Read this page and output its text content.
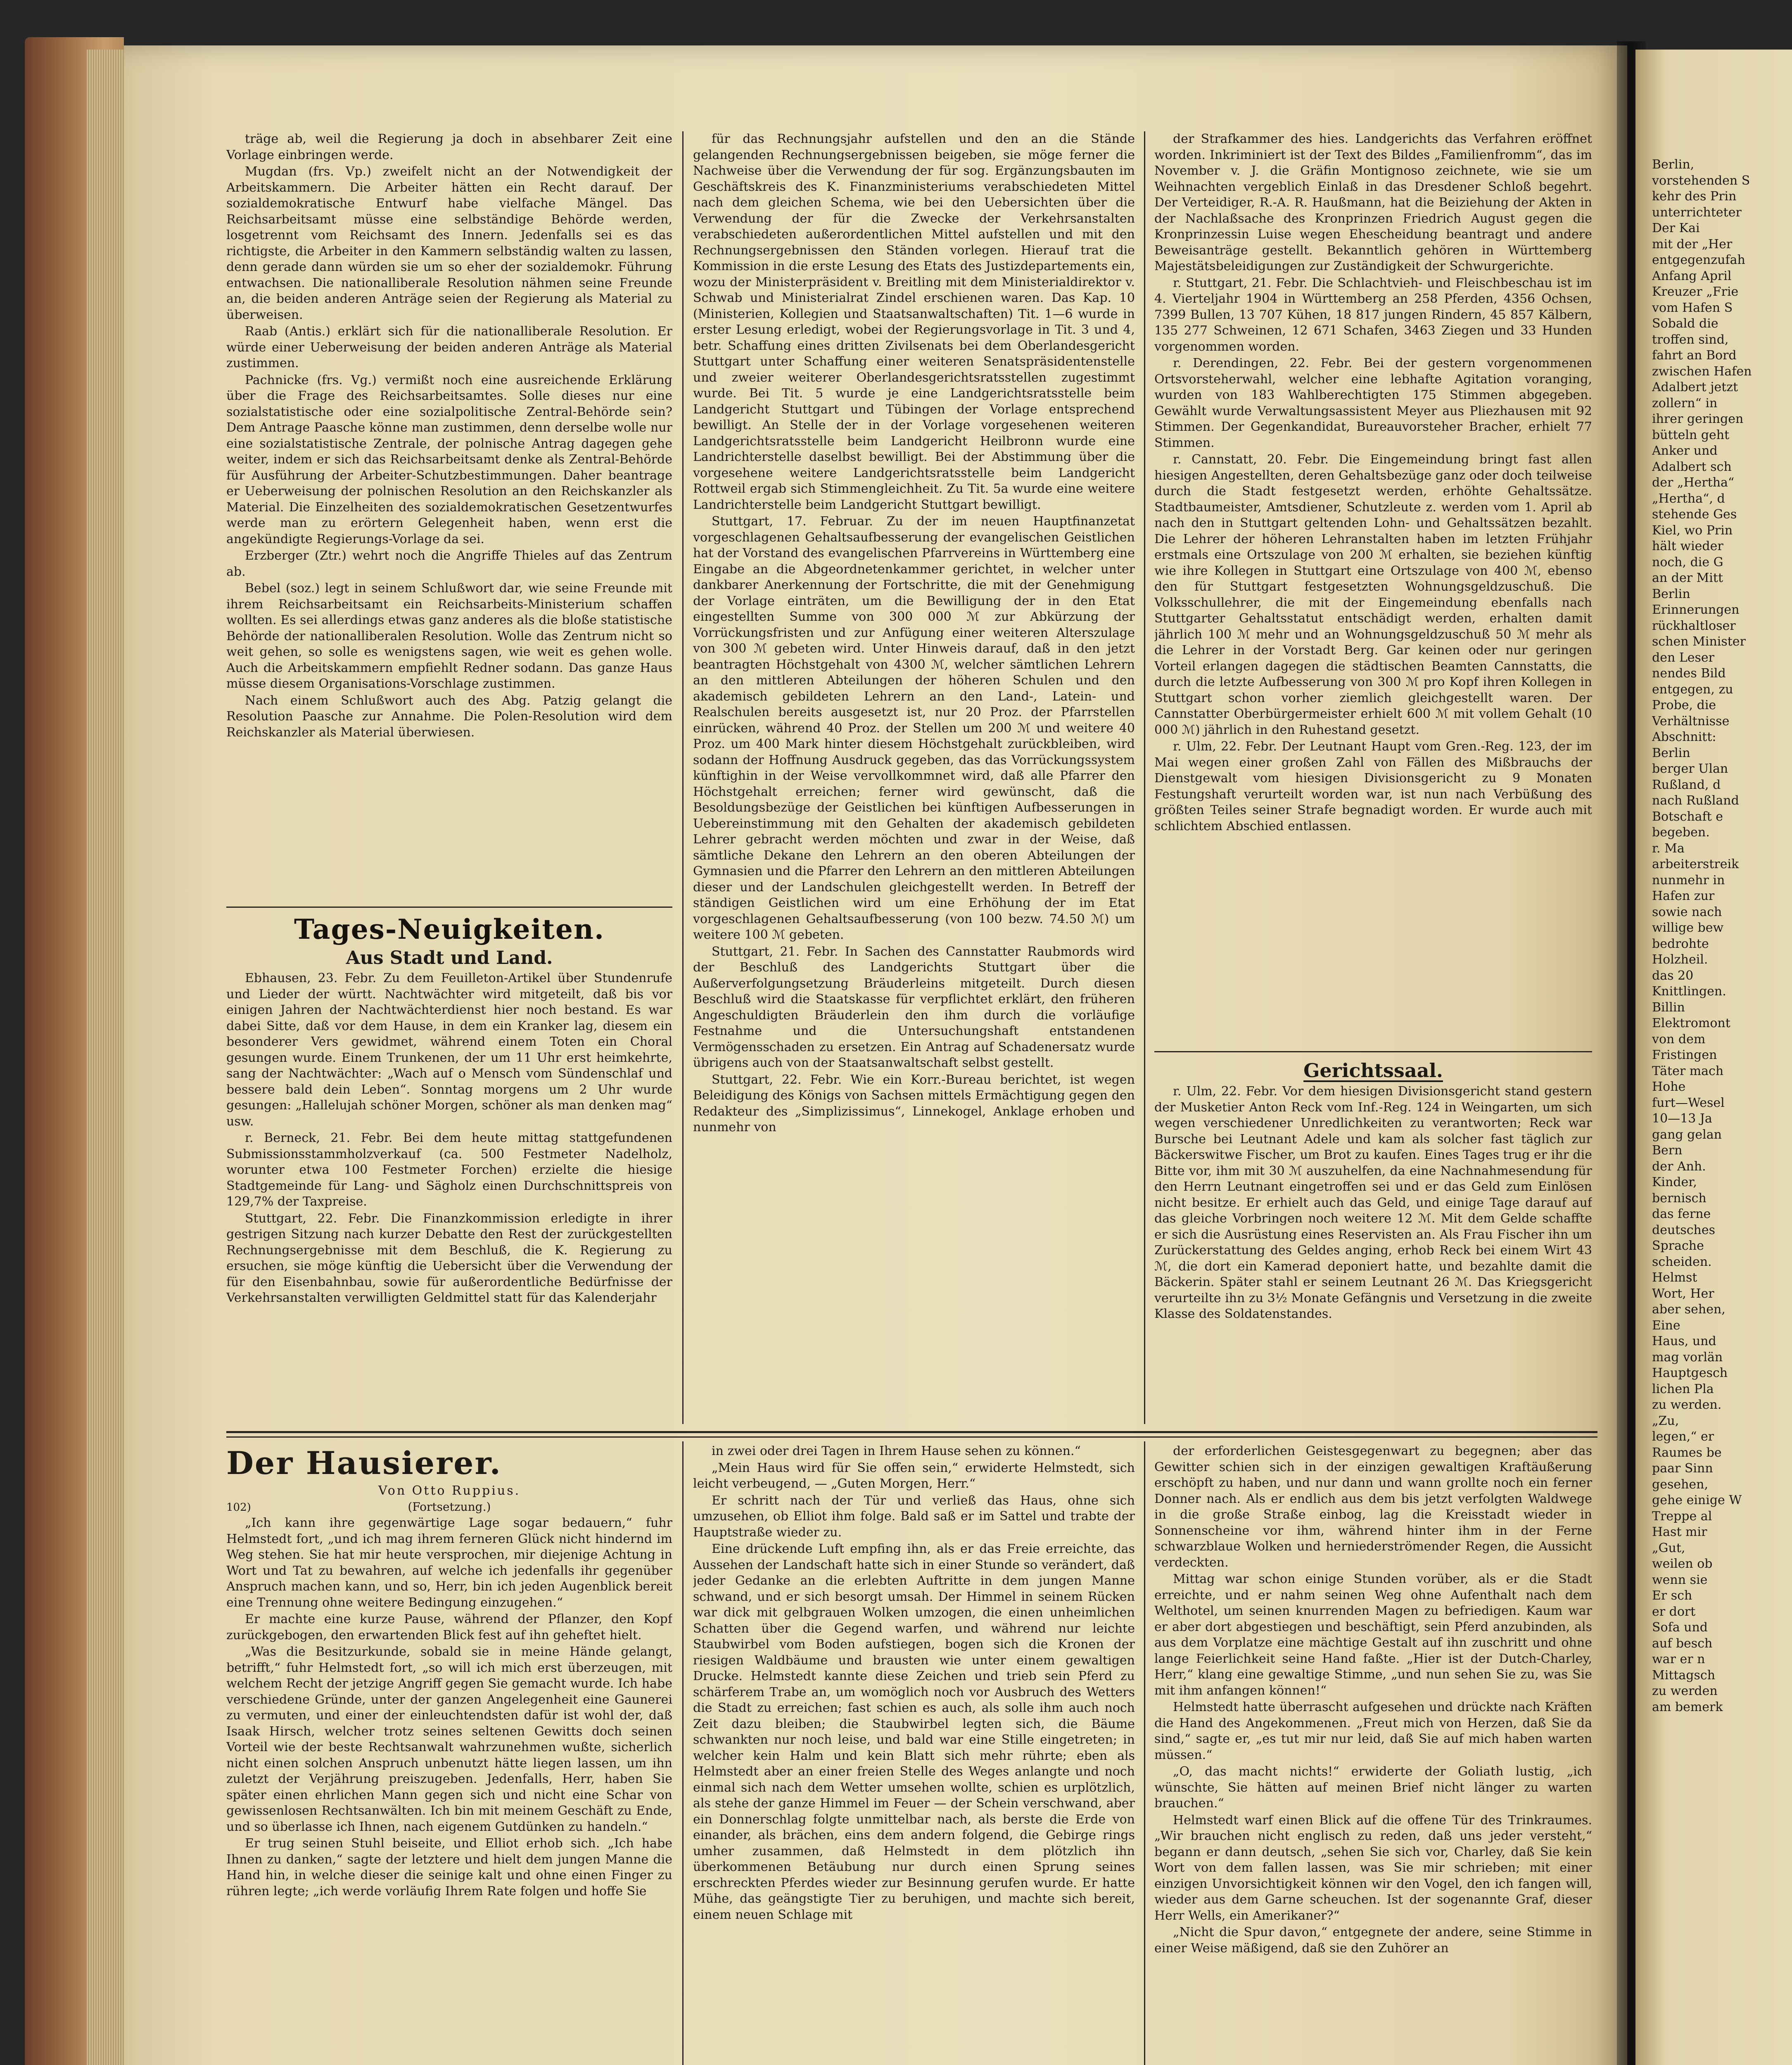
träge ab, weil die Regierung ja doch in absehbarer Zeit eine Vorlage einbringen werde.

Mugdan (frs. Vp.) zweifelt nicht an der Notwendigkeit der Arbeitskammern. Die Arbeiter hätten ein Recht darauf. Der sozialdemokratische Entwurf habe vielfache Mängel. Das Reichsarbeitsamt müsse eine selbständige Behörde werden, losgetrennt vom Reichsamt des Innern. Jedenfalls sei es das richtigste, die Arbeiter in den Kammern selbständig walten zu lassen, denn gerade dann würden sie um so eher der sozialdemokr. Führung entwachsen. Die nationalliberale Resolution nähmen seine Freunde an, die beiden anderen Anträge seien der Regierung als Material zu überweisen.

Raab (Antis.) erklärt sich für die nationalliberale Resolution. Er würde einer Ueberweisung der beiden anderen Anträge als Material zustimmen.

Pachnicke (frs. Vg.) vermißt noch eine ausreichende Erklärung über die Frage des Reichsarbeitsamtes. Solle dieses nur eine sozialstatistische oder eine sozialpolitische Zentral-Behörde sein? Dem Antrage Paasche könne man zustimmen, denn derselbe wolle nur eine sozialstatistische Zentrale, der polnische Antrag dagegen gehe weiter, indem er sich das Reichsarbeitsamt denke als Zentral-Behörde für Ausführung der Arbeiter-Schutzbestimmungen. Daher beantrage er Ueberweisung der polnischen Resolution an den Reichskanzler als Material. Die Einzelheiten des sozialdemokratischen Gesetzentwurfes werde man zu erörtern Gelegenheit haben, wenn erst die angekündigte Regierungs-Vorlage da sei.

Erzberger (Ztr.) wehrt noch die Angriffe Thieles auf das Zentrum ab.

Bebel (soz.) legt in seinem Schlußwort dar, wie seine Freunde mit ihrem Reichsarbeitsamt ein Reichsarbeits-Ministerium schaffen wollten. Es sei allerdings etwas ganz anderes als die bloße statistische Behörde der nationalliberalen Resolution. Wolle das Zentrum nicht so weit gehen, so solle es wenigstens sagen, wie weit es gehen wolle. Auch die Arbeitskammern empfiehlt Redner sodann. Das ganze Haus müsse diesem Organisations-Vorschlage zustimmen.

Nach einem Schlußwort auch des Abg. Patzig gelangt die Resolution Paasche zur Annahme. Die Polen-Resolution wird dem Reichskanzler als Material überwiesen.

Tages-Neuigkeiten.
Aus Stadt und Land.

Ebhausen, 23. Febr. Zu dem Feuilleton-Artikel über Stundenrufe und Lieder der württ. Nachtwächter wird mitgeteilt, daß bis vor einigen Jahren der Nachtwächterdienst hier noch bestand. Es war dabei Sitte, daß vor dem Hause, in dem ein Kranker lag, diesem ein besonderer Vers gewidmet, während einem Toten ein Choral gesungen wurde. Einem Trunkenen, der um 11 Uhr erst heimkehrte, sang der Nachtwächter: „Wach auf o Mensch vom Sündenschlaf und bessere bald dein Leben“. Sonntag morgens um 2 Uhr wurde gesungen: „Hallelujah schöner Morgen, schöner als man denken mag“ usw.

r. Berneck, 21. Febr. Bei dem heute mittag stattgefundenen Submissionsstammholzverkauf (ca. 500 Festmeter Nadelholz, worunter etwa 100 Festmeter Forchen) erzielte die hiesige Stadtgemeinde für Lang- und Sägholz einen Durchschnittspreis von 129,7% der Taxpreise.

Stuttgart, 22. Febr. Die Finanzkommission erledigte in ihrer gestrigen Sitzung nach kurzer Debatte den Rest der zurückgestellten Rechnungsergebnisse mit dem Beschluß, die K. Regierung zu ersuchen, sie möge künftig die Uebersicht über die Verwendung der für den Eisenbahnbau, sowie für außerordentliche Bedürfnisse der Verkehrsanstalten verwilligten Geldmittel statt für das Kalenderjahr

für das Rechnungsjahr aufstellen und den an die Stände gelangenden Rechnungsergebnissen beigeben, sie möge ferner die Nachweise über die Verwendung der für sog. Ergänzungsbauten im Geschäftskreis des K. Finanzministeriums verabschiedeten Mittel nach dem gleichen Schema, wie bei den Uebersichten über die Verwendung der für die Zwecke der Verkehrsanstalten verabschiedeten außerordentlichen Mittel aufstellen und mit den Rechnungsergebnissen den Ständen vorlegen. Hierauf trat die Kommission in die erste Lesung des Etats des Justizdepartements ein, wozu der Ministerpräsident v. Breitling mit dem Ministerialdirektor v. Schwab und Ministerialrat Zindel erschienen waren. Das Kap. 10 (Ministerien, Kollegien und Staatsanwaltschaften) Tit. 1—6 wurde in erster Lesung erledigt, wobei der Regierungsvorlage in Tit. 3 und 4, betr. Schaffung eines dritten Zivilsenats bei dem Oberlandesgericht Stuttgart unter Schaffung einer weiteren Senatspräsidentenstelle und zweier weiterer Oberlandesgerichtsratsstellen zugestimmt wurde. Bei Tit. 5 wurde je eine Landgerichtsratsstelle beim Landgericht Stuttgart und Tübingen der Vorlage entsprechend bewilligt. An Stelle der in der Vorlage vorgesehenen weiteren Landgerichtsratsstelle beim Landgericht Heilbronn wurde eine Landrichterstelle daselbst bewilligt. Bei der Abstimmung über die vorgesehene weitere Landgerichtsratsstelle beim Landgericht Rottweil ergab sich Stimmengleichheit. Zu Tit. 5a wurde eine weitere Landrichterstelle beim Landgericht Stuttgart bewilligt.

Stuttgart, 17. Februar. Zu der im neuen Hauptfinanzetat vorgeschlagenen Gehaltsaufbesserung der evangelischen Geistlichen hat der Vorstand des evangelischen Pfarrvereins in Württemberg eine Eingabe an die Abgeordnetenkammer gerichtet, in welcher unter dankbarer Anerkennung der Fortschritte, die mit der Genehmigung der Vorlage einträten, um die Bewilligung der in den Etat eingestellten Summe von 300 000 ℳ zur Abkürzung der Vorrückungsfristen und zur Anfügung einer weiteren Alterszulage von 300 ℳ gebeten wird. Unter Hinweis darauf, daß in den jetzt beantragten Höchstgehalt von 4300 ℳ, welcher sämtlichen Lehrern an den mittleren Abteilungen der höheren Schulen und den akademisch gebildeten Lehrern an den Land-, Latein- und Realschulen bereits ausgesetzt ist, nur 20 Proz. der Pfarrstellen einrücken, während 40 Proz. der Stellen um 200 ℳ und weitere 40 Proz. um 400 Mark hinter diesem Höchstgehalt zurückbleiben, wird sodann der Hoffnung Ausdruck gegeben, das das Vorrückungssystem künftighin in der Weise vervollkommnet wird, daß alle Pfarrer den Höchstgehalt erreichen; ferner wird gewünscht, daß die Besoldungsbezüge der Geistlichen bei künftigen Aufbesserungen in Uebereinstimmung mit den Gehalten der akademisch gebildeten Lehrer gebracht werden möchten und zwar in der Weise, daß sämtliche Dekane den Lehrern an den oberen Abteilungen der Gymnasien und die Pfarrer den Lehrern an den mittleren Abteilungen dieser und der Landschulen gleichgestellt werden. In Betreff der ständigen Geistlichen wird um eine Erhöhung der im Etat vorgeschlagenen Gehaltsaufbesserung (von 100 bezw. 74.50 ℳ) um weitere 100 ℳ gebeten.

Stuttgart, 21. Febr. In Sachen des Cannstatter Raubmords wird der Beschluß des Landgerichts Stuttgart über die Außerverfolgungsetzung Bräuderleins mitgeteilt. Durch diesen Beschluß wird die Staatskasse für verpflichtet erklärt, den früheren Angeschuldigten Bräuderlein den ihm durch die vorläufige Festnahme und die Untersuchungshaft entstandenen Vermögensschaden zu ersetzen. Ein Antrag auf Schadenersatz wurde übrigens auch von der Staatsanwaltschaft selbst gestellt.

Stuttgart, 22. Febr. Wie ein Korr.-Bureau berichtet, ist wegen Beleidigung des Königs von Sachsen mittels Ermächtigung gegen den Redakteur des „Simplizissimus“, Linnekogel, Anklage erhoben und nunmehr von

der Strafkammer des hies. Landgerichts das Verfahren eröffnet worden. Inkriminiert ist der Text des Bildes „Familienfromm“, das im November v. J. die Gräfin Montignoso zeichnete, wie sie um Weihnachten vergeblich Einlaß in das Dresdener Schloß begehrt. Der Verteidiger, R.-A. R. Haußmann, hat die Beiziehung der Akten in der Nachlaßsache des Kronprinzen Friedrich August gegen die Kronprinzessin Luise wegen Ehescheidung beantragt und andere Beweisanträge gestellt. Bekanntlich gehören in Württemberg Majestätsbeleidigungen zur Zuständigkeit der Schwurgerichte.

r. Stuttgart, 21. Febr. Die Schlachtvieh- und Fleischbeschau ist im 4. Vierteljahr 1904 in Württemberg an 258 Pferden, 4356 Ochsen, 7399 Bullen, 13 707 Kühen, 18 817 jungen Rindern, 45 857 Kälbern, 135 277 Schweinen, 12 671 Schafen, 3463 Ziegen und 33 Hunden vorgenommen worden.

r. Derendingen, 22. Febr. Bei der gestern vorgenommenen Ortsvorsteherwahl, welcher eine lebhafte Agitation voranging, wurden von 183 Wahlberechtigten 175 Stimmen abgegeben. Gewählt wurde Verwaltungsassistent Meyer aus Pliezhausen mit 92 Stimmen. Der Gegenkandidat, Bureauvorsteher Bracher, erhielt 77 Stimmen.

r. Cannstatt, 20. Febr. Die Eingemeindung bringt fast allen hiesigen Angestellten, deren Gehaltsbezüge ganz oder doch teilweise durch die Stadt festgesetzt werden, erhöhte Gehaltssätze. Stadtbaumeister, Amtsdiener, Schutzleute z. werden vom 1. April ab nach den in Stuttgart geltenden Lohn- und Gehaltssätzen bezahlt. Die Lehrer der höheren Lehranstalten haben im letzten Frühjahr erstmals eine Ortszulage von 200 ℳ erhalten, sie beziehen künftig wie ihre Kollegen in Stuttgart eine Ortszulage von 400 ℳ, ebenso den für Stuttgart festgesetzten Wohnungsgeldzuschuß. Die Volksschullehrer, die mit der Eingemeindung ebenfalls nach Stuttgarter Gehaltsstatut entschädigt werden, erhalten damit jährlich 100 ℳ mehr und an Wohnungsgeldzuschuß 50 ℳ mehr als die Lehrer in der Vorstadt Berg. Gar keinen oder nur geringen Vorteil erlangen dagegen die städtischen Beamten Cannstatts, die durch die letzte Aufbesserung von 300 ℳ pro Kopf ihren Kollegen in Stuttgart schon vorher ziemlich gleichgestellt waren. Der Cannstatter Oberbürgermeister erhielt 600 ℳ mit vollem Gehalt (10 000 ℳ) jährlich in den Ruhestand gesetzt.

r. Ulm, 22. Febr. Der Leutnant Haupt vom Gren.-Reg. 123, der im Mai wegen einer großen Zahl von Fällen des Mißbrauchs der Dienstgewalt vom hiesigen Divisionsgericht zu 9 Monaten Festungshaft verurteilt worden war, ist nun nach Verbüßung des größten Teiles seiner Strafe begnadigt worden. Er wurde auch mit schlichtem Abschied entlassen.

Gerichtssaal.

r. Ulm, 22. Febr. Vor dem hiesigen Divisionsgericht stand gestern der Musketier Anton Reck vom Inf.-Reg. 124 in Weingarten, um sich wegen verschiedener Unredlichkeiten zu verantworten; Reck war Bursche bei Leutnant Adele und kam als solcher fast täglich zur Bäckerswitwe Fischer, um Brot zu kaufen. Eines Tages trug er ihr die Bitte vor, ihm mit 30 ℳ auszuhelfen, da eine Nachnahmesendung für den Herrn Leutnant eingetroffen sei und er das Geld zum Einlösen nicht besitze. Er erhielt auch das Geld, und einige Tage darauf auf das gleiche Vorbringen noch weitere 12 ℳ. Mit dem Gelde schaffte er sich die Ausrüstung eines Reservisten an. Als Frau Fischer ihn um Zurückerstattung des Geldes anging, erhob Reck bei einem Wirt 43 ℳ, die dort ein Kamerad deponiert hatte, und bezahlte damit die Bäckerin. Später stahl er seinem Leutnant 26 ℳ. Das Kriegsgericht verurteilte ihn zu 3½ Monate Gefängnis und Versetzung in die zweite Klasse des Soldatenstandes.

Der Hausierer.
Von Otto Ruppius.
102)	(Fortsetzung.)

„Ich kann ihre gegenwärtige Lage sogar bedauern,“ fuhr Helmstedt fort, „und ich mag ihrem ferneren Glück nicht hindernd im Weg stehen. Sie hat mir heute versprochen, mir diejenige Achtung in Wort und Tat zu bewahren, auf welche ich jedenfalls ihr gegenüber Anspruch machen kann, und so, Herr, bin ich jeden Augenblick bereit eine Trennung ohne weitere Bedingung einzugehen.“

Er machte eine kurze Pause, während der Pflanzer, den Kopf zurückgebogen, den erwartenden Blick fest auf ihn geheftet hielt.

„Was die Besitzurkunde, sobald sie in meine Hände gelangt, betrifft,“ fuhr Helmstedt fort, „so will ich mich erst überzeugen, mit welchem Recht der jetzige Angriff gegen Sie gemacht wurde. Ich habe verschiedene Gründe, unter der ganzen Angelegenheit eine Gaunerei zu vermuten, und einer der einleuchtendsten dafür ist wohl der, daß Isaak Hirsch, welcher trotz seines seltenen Gewitts doch seinen Vorteil wie der beste Rechtsanwalt wahrzunehmen wußte, sicherlich nicht einen solchen Anspruch unbenutzt hätte liegen lassen, um ihn zuletzt der Verjährung preiszugeben. Jedenfalls, Herr, haben Sie später einen ehrlichen Mann gegen sich und nicht eine Schar von gewissenlosen Rechtsanwälten. Ich bin mit meinem Geschäft zu Ende, und so überlasse ich Ihnen, nach eigenem Gutdünken zu handeln.“

Er trug seinen Stuhl beiseite, und Elliot erhob sich. „Ich habe Ihnen zu danken,“ sagte der letztere und hielt dem jungen Manne die Hand hin, in welche dieser die seinige kalt und ohne einen Finger zu rühren legte; „ich werde vorläufig Ihrem Rate folgen und hoffe Sie

in zwei oder drei Tagen in Ihrem Hause sehen zu können.“

„Mein Haus wird für Sie offen sein,“ erwiderte Helmstedt, sich leicht verbeugend, — „Guten Morgen, Herr.“

Er schritt nach der Tür und verließ das Haus, ohne sich umzusehen, ob Elliot ihm folge. Bald saß er im Sattel und trabte der Hauptstraße wieder zu.

Eine drückende Luft empfing ihn, als er das Freie erreichte, das Aussehen der Landschaft hatte sich in einer Stunde so verändert, daß jeder Gedanke an die erlebten Auftritte in dem jungen Manne schwand, und er sich besorgt umsah. Der Himmel in seinem Rücken war dick mit gelbgrauen Wolken umzogen, die einen unheimlichen Schatten über die Gegend warfen, und während nur leichte Staubwirbel vom Boden aufstiegen, bogen sich die Kronen der riesigen Waldbäume und brausten wie unter einem gewaltigen Drucke. Helmstedt kannte diese Zeichen und trieb sein Pferd zu schärferem Trabe an, um womöglich noch vor Ausbruch des Wetters die Stadt zu erreichen; fast schien es auch, als solle ihm auch noch Zeit dazu bleiben; die Staubwirbel legten sich, die Bäume schwankten nur noch leise, und bald war eine Stille eingetreten; in welcher kein Halm und kein Blatt sich mehr rührte; eben als Helmstedt aber an einer freien Stelle des Weges anlangte und noch einmal sich nach dem Wetter umsehen wollte, schien es urplötzlich, als stehe der ganze Himmel im Feuer — der Schein verschwand, aber ein Donnerschlag folgte unmittelbar nach, als berste die Erde von einander, als brächen, eins dem andern folgend, die Gebirge rings umher zusammen, daß Helmstedt in dem plötzlich ihn überkommenen Betäubung nur durch einen Sprung seines erschreckten Pferdes wieder zur Besinnung gerufen wurde. Er hatte Mühe, das geängstigte Tier zu beruhigen, und machte sich bereit, einem neuen Schlage mit

der erforderlichen Geistesgegenwart zu begegnen; aber das Gewitter schien sich in der einzigen gewaltigen Kraftäußerung erschöpft zu haben, und nur dann und wann grollte noch ein ferner Donner nach. Als er endlich aus dem bis jetzt verfolgten Waldwege in die große Straße einbog, lag die Kreisstadt wieder in Sonnenscheine vor ihm, während hinter ihm in der Ferne schwarzblaue Wolken und herniederströmender Regen, die Aussicht verdeckten.

Mittag war schon einige Stunden vorüber, als er die Stadt erreichte, und er nahm seinen Weg ohne Aufenthalt nach dem Welthotel, um seinen knurrenden Magen zu befriedigen. Kaum war er aber dort abgestiegen und beschäftigt, sein Pferd anzubinden, als aus dem Vorplatze eine mächtige Gestalt auf ihn zuschritt und ohne lange Feierlichkeit seine Hand faßte. „Hier ist der Dutch-Charley, Herr,“ klang eine gewaltige Stimme, „und nun sehen Sie zu, was Sie mit ihm anfangen können!“

Helmstedt hatte überrascht aufgesehen und drückte nach Kräften die Hand des Angekommenen. „Freut mich von Herzen, daß Sie da sind,“ sagte er, „es tut mir nur leid, daß Sie auf mich haben warten müssen.“

„O, das macht nichts!“ erwiderte der Goliath lustig, „ich wünschte, Sie hätten auf meinen Brief nicht länger zu warten brauchen.“

Helmstedt warf einen Blick auf die offene Tür des Trinkraumes. „Wir brauchen nicht englisch zu reden, daß uns jeder versteht,“ begann er dann deutsch, „sehen Sie sich vor, Charley, daß Sie kein Wort von dem fallen lassen, was Sie mir schrieben; mit einer einzigen Unvorsichtigkeit können wir den Vogel, den ich fangen will, wieder aus dem Garne scheuchen. Ist der sogenannte Graf, dieser Herr Wells, ein Amerikaner?“

„Nicht die Spur davon,“ entgegnete der andere, seine Stimme in einer Weise mäßigend, daß sie den Zuhörer an

Berlin,
vorstehenden S
kehr des Prin
unterrichteter
Der Kai
mit der „Her
entgegenzufah
Anfang April
Kreuzer „Frie
vom Hafen S
Sobald die
troffen sind,
fahrt an Bord
zwischen Hafen
Adalbert jetzt
zollern“ in
ihrer geringen
bütteln geht
Anker und
Adalbert sch
der „Hertha“
„Hertha“, d
stehende Ges
Kiel, wo Prin
hält wieder
noch, die G
an der Mitt
Berlin
Erinnerungen
rückhaltloser
schen Minister
den Leser
nendes Bild
entgegen, zu
Probe, die
Verhältnisse
Abschnitt:
Berlin
berger Ulan
Rußland, d
nach Rußland
Botschaft e
begeben.
r. Ma
arbeiterstreik
nunmehr in
Hafen zur
sowie nach
willige bew
bedrohte
Holzheil.
das 20
Knittlingen.
Billin
Elektromont
von dem
Fristingen
Täter mach
Hohe
furt—Wesel
10—13 Ja
gang gelan
Bern
der Anh.
Kinder,
bernisch
das ferne
deutsches
Sprache
scheiden.
Helmst
Wort, Her
aber sehen,
Eine
Haus, und
mag vorlän
Hauptgesch
lichen Pla
zu werden.
„Zu,
legen,“ er
Raumes be
paar Sinn
gesehen,
gehe einige W
Treppe al
Hast mir
„Gut,
weilen ob
wenn sie
Er sch
er dort
Sofa und
auf besch
war er n
Mittagsch
zu werden
am bemerk
